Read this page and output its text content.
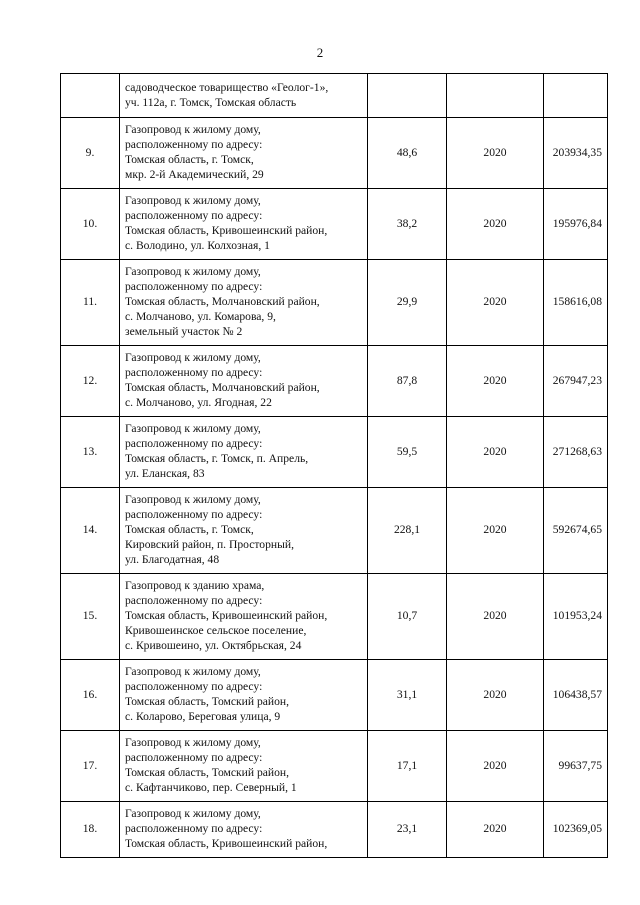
2

	садоводческое товарищество «Геолог-1»,
уч. 112а, г. Томск, Томская область			

9.	Газопровод к жилому дому,
расположенному по адресу:
Томская область, г. Томск,
мкр. 2-й Академический, 29	48,6	2020	203934,35
10.	Газопровод к жилому дому,
расположенному по адресу:
Томская область, Кривошеинский район,
с. Володино, ул. Колхозная, 1	38,2	2020	195976,84
11.	Газопровод к жилому дому,
расположенному по адресу:
Томская область, Молчановский район,
с. Молчаново, ул. Комарова, 9,
земельный участок № 2	29,9	2020	158616,08
12.	Газопровод к жилому дому,
расположенному по адресу:
Томская область, Молчановский район,
с. Молчаново, ул. Ягодная, 22	87,8	2020	267947,23
13.	Газопровод к жилому дому,
расположенному по адресу:
Томская область, г. Томск, п. Апрель,
ул. Еланская, 83	59,5	2020	271268,63
14.	Газопровод к жилому дому,
расположенному по адресу:
Томская область, г. Томск,
Кировский район, п. Просторный,
ул. Благодатная, 48	228,1	2020	592674,65
15.	Газопровод к зданию храма,
расположенному по адресу:
Томская область, Кривошеинский район,
Кривошеинское сельское поселение,
с. Кривошеино, ул. Октябрьская, 24	10,7	2020	101953,24
16.	Газопровод к жилому дому,
расположенному по адресу:
Томская область, Томский район,
с. Коларово, Береговая улица, 9	31,1	2020	106438,57
17.	Газопровод к жилому дому,
расположенному по адресу:
Томская область, Томский район,
с. Кафтанчиково, пер. Северный, 1	17,1	2020	99637,75
18.	Газопровод к жилому дому,
расположенному по адресу:
Томская область, Кривошеинский район,	23,1	2020	102369,05
